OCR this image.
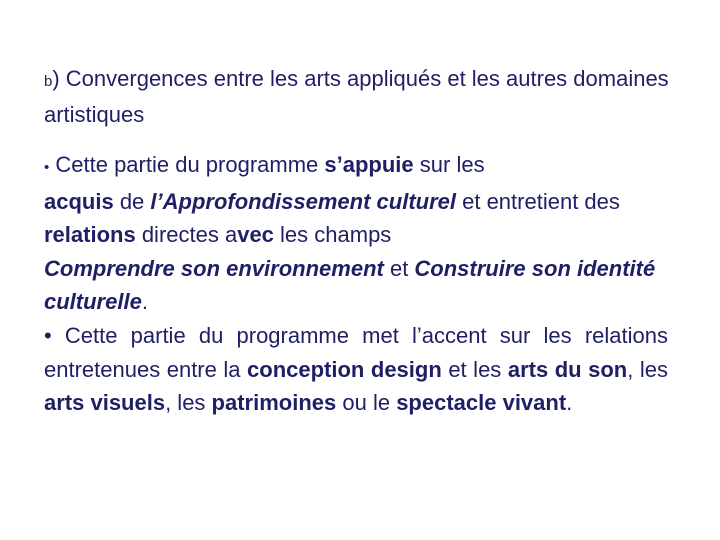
b) Convergences entre les arts appliqués et les autres domaines artistiques
• Cette partie du programme s’appuie sur les
acquis de l’Approfondissement culturel et entretient des relations directes avec les champs
Comprendre son environnement et Construire son identité culturelle.
• Cette partie du programme met l’accent sur les relations entretenues entre la conception design et les arts du son, les arts visuels, les patrimoines ou le spectacle vivant.
